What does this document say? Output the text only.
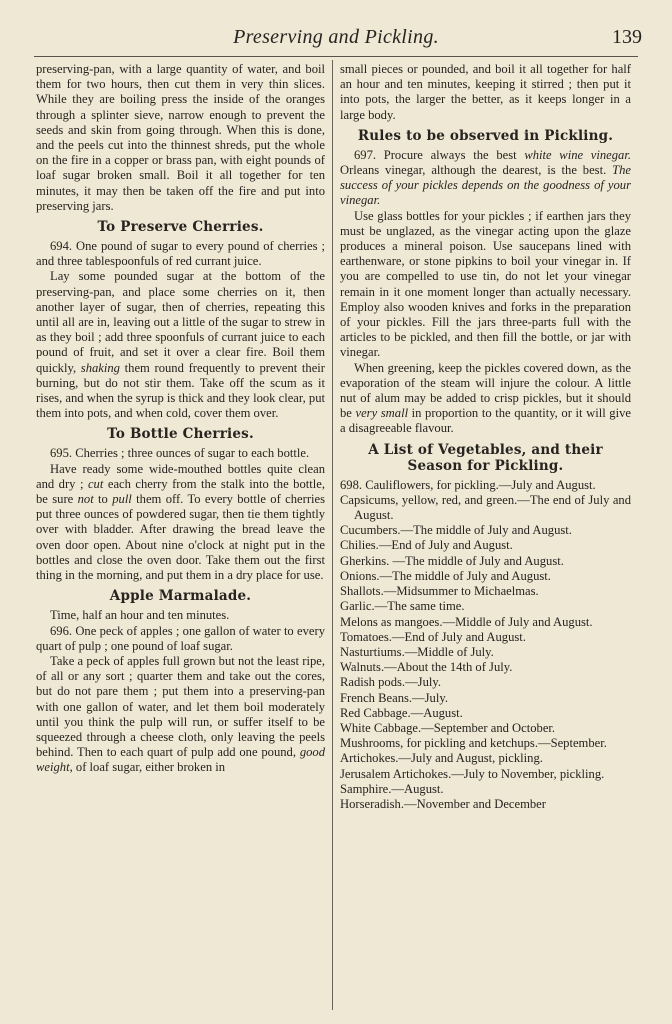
Preserving and Pickling.	139

preserving-pan, with a large quantity of water, and boil them for two hours, then cut them in very thin slices. While they are boiling press the inside of the oranges through a splinter sieve, narrow enough to prevent the seeds and skin from going through. When this is done, and the peels cut into the thinnest shreds, put the whole on the fire in a copper or brass pan, with eight pounds of loaf sugar broken small. Boil it all together for ten minutes, it may then be taken off the fire and put into preserving jars.

To Preserve Cherries.

694. One pound of sugar to every pound of cherries ; and three tablespoonfuls of red currant juice.

Lay some pounded sugar at the bottom of the preserving-pan, and place some cherries on it, then another layer of sugar, then of cherries, repeating this until all are in, leaving out a little of the sugar to strew in as they boil ; add three spoonfuls of currant juice to each pound of fruit, and set it over a clear fire. Boil them quickly, shaking them round frequently to prevent their burning, but do not stir them. Take off the scum as it rises, and when the syrup is thick and they look clear, put them into pots, and when cold, cover them over.

To Bottle Cherries.

695. Cherries ; three ounces of sugar to each bottle.

Have ready some wide-mouthed bottles quite clean and dry ; cut each cherry from the stalk into the bottle, be sure not to pull them off. To every bottle of cherries put three ounces of powdered sugar, then tie them tightly over with bladder. After drawing the bread leave the oven door open. About nine o'clock at night put in the bottles and close the oven door. Take them out the first thing in the morning, and put them in a dry place for use.

Apple Marmalade.

Time, half an hour and ten minutes.

696. One peck of apples ; one gallon of water to every quart of pulp ; one pound of loaf sugar.

Take a peck of apples full grown but not the least ripe, of all or any sort ; quarter them and take out the cores, but do not pare them ; put them into a preserving-pan with one gallon of water, and let them boil moderately until you think the pulp will run, or suffer itself to be squeezed through a cheese cloth, only leaving the peels behind. Then to each quart of pulp add one pound, good weight, of loaf sugar, either broken in

small pieces or pounded, and boil it all together for half an hour and ten minutes, keeping it stirred ; then put it into pots, the larger the better, as it keeps longer in a large body.

Rules to be observed in Pickling.

697. Procure always the best white wine vinegar. Orleans vinegar, although the dearest, is the best. The success of your pickles depends on the goodness of your vinegar.

Use glass bottles for your pickles ; if earthen jars they must be unglazed, as the vinegar acting upon the glaze produces a mineral poison. Use saucepans lined with earthenware, or stone pipkins to boil your vinegar in. If you are compelled to use tin, do not let your vinegar remain in it one moment longer than actually necessary. Employ also wooden knives and forks in the preparation of your pickles. Fill the jars three-parts full with the articles to be pickled, and then fill the bottle, or jar with vinegar.

When greening, keep the pickles covered down, as the evaporation of the steam will injure the colour. A little nut of alum may be added to crisp pickles, but it should be very small in proportion to the quantity, or it will give a disagreeable flavour.

A List of Vegetables, and their Season for Pickling.

698. Cauliflowers, for pickling.—July and August.

Capsicums, yellow, red, and green.—The end of July and August.

Cucumbers.—The middle of July and August.

Chilies.—End of July and August.

Gherkins. —The middle of July and August.

Onions.—The middle of July and August.

Shallots.—Midsummer to Michaelmas.

Garlic.—The same time.

Melons as mangoes.—Middle of July and August.

Tomatoes.—End of July and August.

Nasturtiums.—Middle of July.

Walnuts.—About the 14th of July.

Radish pods.—July.

French Beans.—July.

Red Cabbage.—August.

White Cabbage.—September and October.

Mushrooms, for pickling and ketchups.—September.

Artichokes.—July and August, pickling.

Jerusalem Artichokes.—July to November, pickling.

Samphire.—August.

Horseradish.—November and December
